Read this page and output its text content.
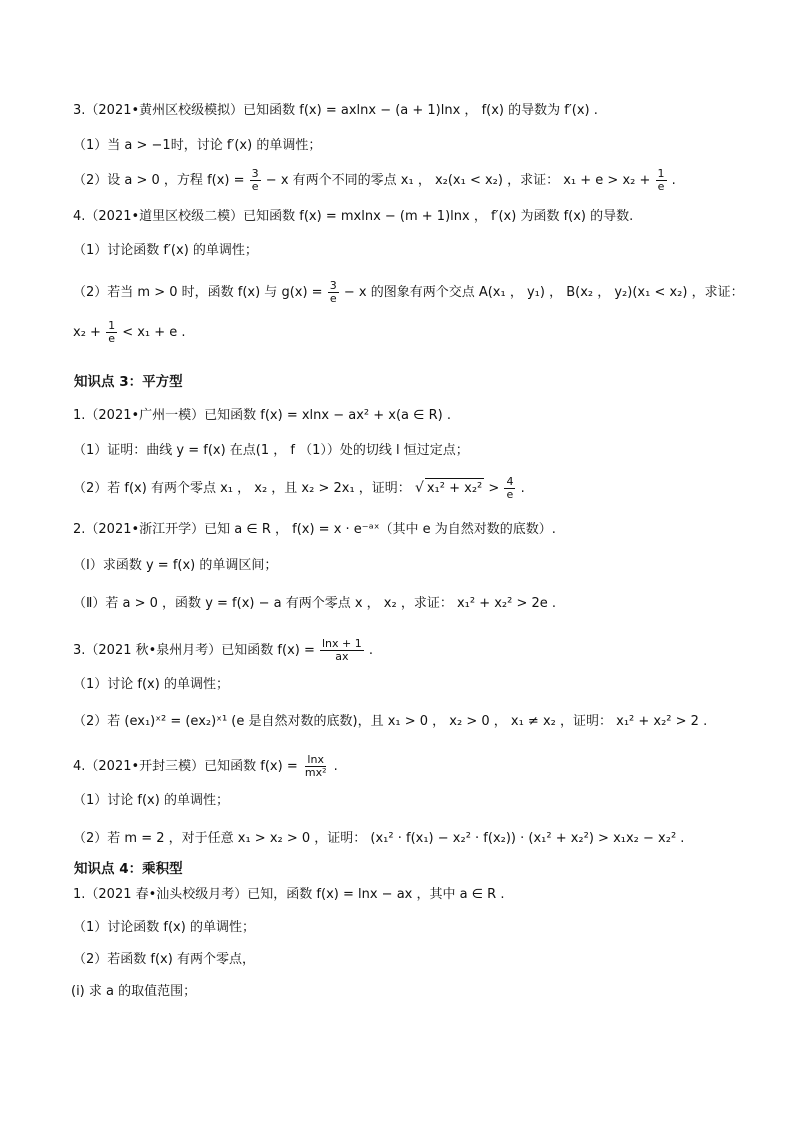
3.（2021•黄州区校级模拟）已知函数 f(x) = axlnx − (a + 1)lnx ， f(x) 的导数为 f′(x) .
（1）当 a > −1时，讨论 f′(x) 的单调性；
（2）设 a > 0 ，方程 $f(x) = \frac{3}{e} - x$ 有两个不同的零点 x₁ ， x₂(x₁ < x₂) ，求证： $x_1 + e > x_2 + \frac{1}{e}$ .
4.（2021•道里区校级二模）已知函数 f(x) = mxlnx − (m + 1)lnx ， f′(x) 为函数 f(x) 的导数.
（1）讨论函数 f′(x) 的单调性；
（2）若当 m > 0 时，函数 f(x) 与 $g(x) = \frac{3}{e} - x$ 的图象有两个交点 A(x₁ ， y₁) ， B(x₂ ， y₂)(x₁ < x₂) ，求证：
$x_2 + \frac{1}{e} < x_1 + e$ .
知识点 3：平方型
1.（2021•广州一模）已知函数 f(x) = xlnx − ax² + x(a ∈ R) .
（1）证明：曲线 y = f(x) 在点(1 ， f （1））处的切线 l 恒过定点；
（2）若 f(x) 有两个零点 x₁ ， x₂ ，且 x₂ > 2x₁ ，证明： √ $x_1^2 + x_2^2 > \frac{4}{e}$ .
2.（2021•浙江开学）已知 a ∈ R ， f(x) = x · e⁻ᵃˣ（其中 e 为自然对数的底数）.
（Ⅰ）求函数 y = f(x) 的单调区间；
（Ⅱ）若 a > 0 ，函数 y = f(x) − a 有两个零点 x ， x₂ ，求证： x₁² + x₂² > 2e .
3.（2021 秋•泉州月考）已知函数 $f(x) = \frac{\ln x + 1}{ax}$ .
（1）讨论 f(x) 的单调性；
（2）若 (ex₁)ˣ² = (ex₂)ˣ¹ (e 是自然对数的底数)，且 x₁ > 0 ， x₂ > 0 ， x₁ ≠ x₂ ，证明： x₁² + x₂² > 2 .
4.（2021•开封三模）已知函数 $f(x) = \frac{\ln x}{\text{mx²}}$ .
（1）讨论 f(x) 的单调性；
（2）若 m = 2 ，对于任意 x₁ > x₂ > 0 ，证明： (x₁² · f(x₁) − x₂² · f(x₂)) · (x₁² + x₂²) > x₁x₂ − x₂² .
知识点 4：乘积型
1.（2021 春•汕头校级月考）已知，函数 f(x) = lnx − ax ，其中 a ∈ R .
（1）讨论函数 f(x) 的单调性；
（2）若函数 f(x) 有两个零点，
(i) 求 a 的取值范围；
